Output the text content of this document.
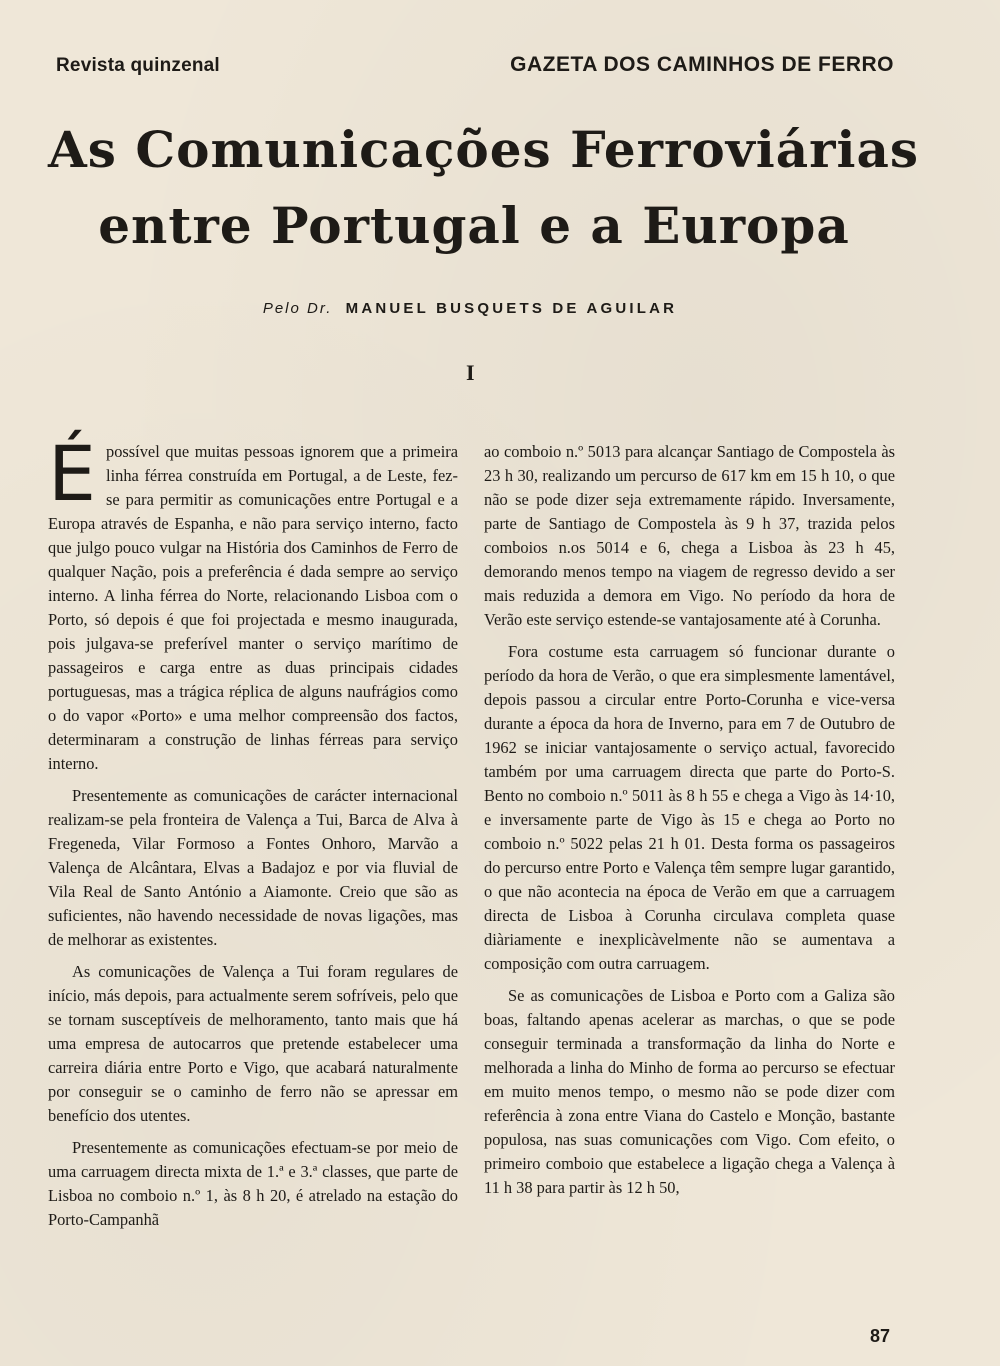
Revista quinzenal	GAZETA DOS CAMINHOS DE FERRO
As Comunicações Ferroviárias
entre Portugal e a Europa
Pelo Dr. MANUEL BUSQUETS DE AGUILAR
I

Épossível que muitas pessoas ignorem que a primeira linha férrea construída em Portugal, a de Leste, fez-se para permitir as comunicações entre Portugal e a Europa através de Espanha, e não para serviço interno, facto que julgo pouco vulgar na História dos Caminhos de Ferro de qualquer Nação, pois a preferência é dada sempre ao serviço interno. A linha férrea do Norte, relacionando Lisboa com o Porto, só depois é que foi projectada e mesmo inaugurada, pois julgava-se preferível manter o serviço marítimo de passageiros e carga entre as duas principais cidades portuguesas, mas a trágica réplica de alguns naufrágios como o do vapor «Porto» e uma melhor compreensão dos factos, determinaram a construção de linhas férreas para serviço interno.

Presentemente as comunicações de carácter internacional realizam-se pela fronteira de Valença a Tui, Barca de Alva à Fregeneda, Vilar Formoso a Fontes Onhoro, Marvão a Valença de Alcântara, Elvas a Badajoz e por via fluvial de Vila Real de Santo António a Aiamonte. Creio que são as suficientes, não havendo necessidade de novas ligações, mas de melhorar as existentes.

As comunicações de Valença a Tui foram regulares de início, más depois, para actualmente serem sofríveis, pelo que se tornam susceptíveis de melhoramento, tanto mais que há uma empresa de autocarros que pretende estabelecer uma carreira diária entre Porto e Vigo, que acabará naturalmente por conseguir se o caminho de ferro não se apressar em benefício dos utentes.

Presentemente as comunicações efectuam-se por meio de uma carruagem directa mixta de 1.ª e 3.ª classes, que parte de Lisboa no comboio n.º 1, às 8 h 20, é atrelado na estação do Porto-Campanhã

ao comboio n.º 5013 para alcançar Santiago de Compostela às 23 h 30, realizando um percurso de 617 km em 15 h 10, o que não se pode dizer seja extremamente rápido. Inversamente, parte de Santiago de Compostela às 9 h 37, trazida pelos comboios n.os 5014 e 6, chega a Lisboa às 23 h 45, demorando menos tempo na viagem de regresso devido a ser mais reduzida a demora em Vigo. No período da hora de Verão este serviço estende-se vantajosamente até à Corunha.

Fora costume esta carruagem só funcionar durante o período da hora de Verão, o que era simplesmente lamentável, depois passou a circular entre Porto-Corunha e vice-versa durante a época da hora de Inverno, para em 7 de Outubro de 1962 se iniciar vantajosamente o serviço actual, favorecido também por uma carruagem directa que parte do Porto-S. Bento no comboio n.º 5011 às 8 h 55 e chega a Vigo às 14·10, e inversamente parte de Vigo às 15 e chega ao Porto no comboio n.º 5022 pelas 21 h 01. Desta forma os passageiros do percurso entre Porto e Valença têm sempre lugar garantido, o que não acontecia na época de Verão em que a carruagem directa de Lisboa à Corunha circulava completa quase diàriamente e inexplicàvelmente não se aumentava a composição com outra carruagem.

Se as comunicações de Lisboa e Porto com a Galiza são boas, faltando apenas acelerar as marchas, o que se pode conseguir terminada a transformação da linha do Norte e melhorada a linha do Minho de forma ao percurso se efectuar em muito menos tempo, o mesmo não se pode dizer com referência à zona entre Viana do Castelo e Monção, bastante populosa, nas suas comunicações com Vigo. Com efeito, o primeiro comboio que estabelece a ligação chega a Valença à 11 h 38 para partir às 12 h 50,

87
